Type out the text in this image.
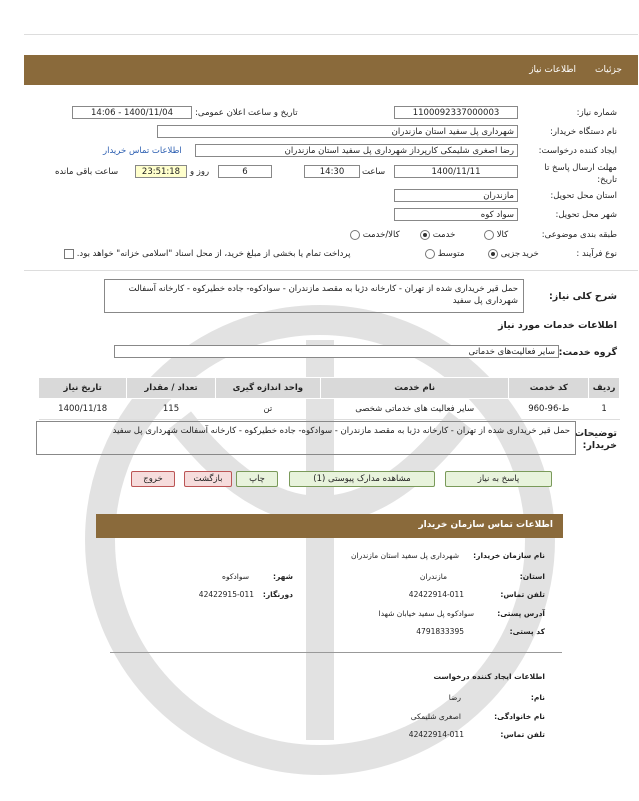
جزئیات
اطلاعات نیاز
شماره نیاز:
1100092337000003
تاریخ و ساعت اعلان عمومی:
1400/11/04 - 14:06
نام دستگاه خریدار:
شهرداری پل سفید استان مازندران
ایجاد کننده درخواست:
رضا اصغری شلیمکی کارپرداز شهرداری پل سفید استان مازندران
اطلاعات تماس خریدار
مهلت ارسال پاسخ تا تاریخ:
1400/11/11
ساعت
14:30
6
روز و
23:51:18
ساعت باقی مانده
استان محل تحویل:
مازندران
شهر محل تحویل:
سواد کوه
طبقه بندی موضوعی:
کالا
خدمت
کالا/خدمت
نوع فرآیند :
خرید
جزیی
متوسط
پرداخت تمام یا بخشی از مبلغ خرید، از محل اسناد "اسلامی خزانه" خواهد بود.
شرح کلی نیاز:
حمل قیر خریداری شده از تهران - کارخانه دژبا به مقصد مازندران - سوادکوه- جاده خطیرکوه - کارخانه آسفالت شهرداری پل سفید
اطلاعات خدمات مورد نیاز
گروه خدمت:
سایر فعالیت‌های خدماتی
ردیف	کد خدمت	نام خدمت	واحد اندازه گیری	تعداد / مقدار	تاریخ نیاز
1	ط-96-960	سایر فعالیت های خدماتی شخصی	تن	115	1400/11/18
توضیحات خریدار:
حمل قیر خریداری شده از تهران - کارخانه دژبا به مقصد مازندران - سوادکوه- جاده خطیرکوه - کارخانه آسفالت شهرداری پل سفید
پاسخ به نیاز
مشاهده مدارک پیوستی (1)
چاپ
بازگشت
خروج
اطلاعات تماس سازمان خریدار
نام سازمان خریدار:
شهرداری پل سفید استان مازندران
استان:
مازندران
شهر:
سوادکوه
تلفن تماس:
42422914-011
دورنگار:
42422915-011
آدرس پستی:
سوادکوه پل سفید خیابان شهدا
کد پستی:
4791833395
اطلاعات ایجاد کننده درخواست
نام:
رضا
نام خانوادگی:
اصغری شلیمکی
تلفن تماس:
42422914-011
